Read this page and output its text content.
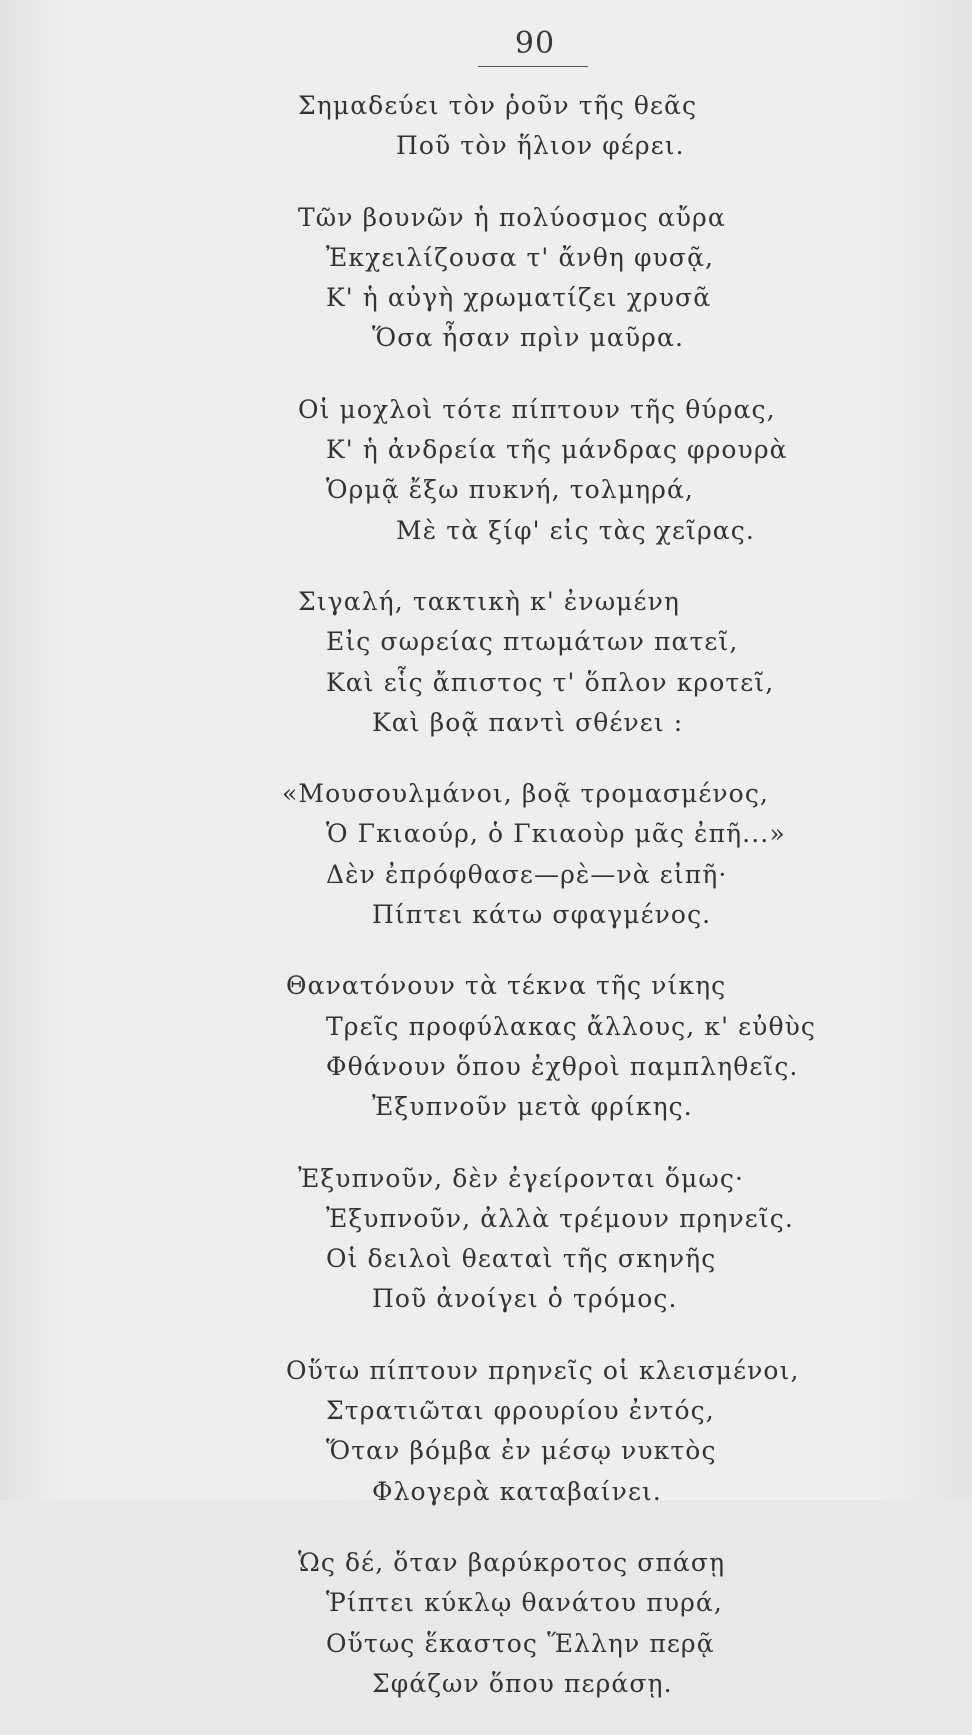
90
Σημαδεύει τὸν ῥοῦν τῆς θεᾶς
Ποῦ τὸν ἥλιον φέρει.
Τῶν βουνῶν ἡ πολύοσμος αὔρα
Ἐκχειλίζουσα τ' ἄνθη φυσᾷ,
Κ' ἡ αὐγὴ χρωματίζει χρυσᾶ
Ὅσα ἦσαν πρὶν μαῦρα.
Οἱ μοχλοὶ τότε πίπτουν τῆς θύρας,
Κ' ἡ ἀνδρεία τῆς μάνδρας φρουρὰ
Ὁρμᾷ ἔξω πυκνή, τολμηρά,
Μὲ τὰ ξίφ' εἰς τὰς χεῖρας.
Σιγαλή, τακτικὴ κ' ἐνωμένη
Εἰς σωρείας πτωμάτων πατεῖ,
Καὶ εἷς ἄπιστος τ' ὅπλον κροτεῖ,
Καὶ βοᾷ παντὶ σθένει :
«Μουσουλμάνοι, βοᾷ τρομασμένος,
Ὁ Γκιαούρ, ὁ Γκιαοὺρ μᾶς ἐπῆ...»
Δὲν ἐπρόφθασε—ρὲ—νὰ εἰπῆ·
Πίπτει κάτω σφαγμένος.
Θανατόνουν τὰ τέκνα τῆς νίκης
Τρεῖς προφύλακας ἄλλους, κ' εὐθὺς
Φθάνουν ὅπου ἐχθροὶ παμπληθεῖς.
Ἐξυπνοῦν μετὰ φρίκης.
Ἐξυπνοῦν, δὲν ἐγείρονται ὅμως·
Ἐξυπνοῦν, ἀλλὰ τρέμουν πρηνεῖς.
Οἱ δειλοὶ θεαταὶ τῆς σκηνῆς
Ποῦ ἀνοίγει ὁ τρόμος.
Οὕτω πίπτουν πρηνεῖς οἱ κλεισμένοι,
Στρατιῶται φρουρίου ἐντός,
Ὅταν βόμβα ἐν μέσῳ νυκτὸς
Φλογερὰ καταβαίνει.
Ὡς δέ, ὅταν βαρύκροτος σπάσῃ
Ῥίπτει κύκλῳ θανάτου πυρά,
Οὕτως ἕκαστος Ἕλλην περᾷ
Σφάζων ὅπου περάσῃ.
